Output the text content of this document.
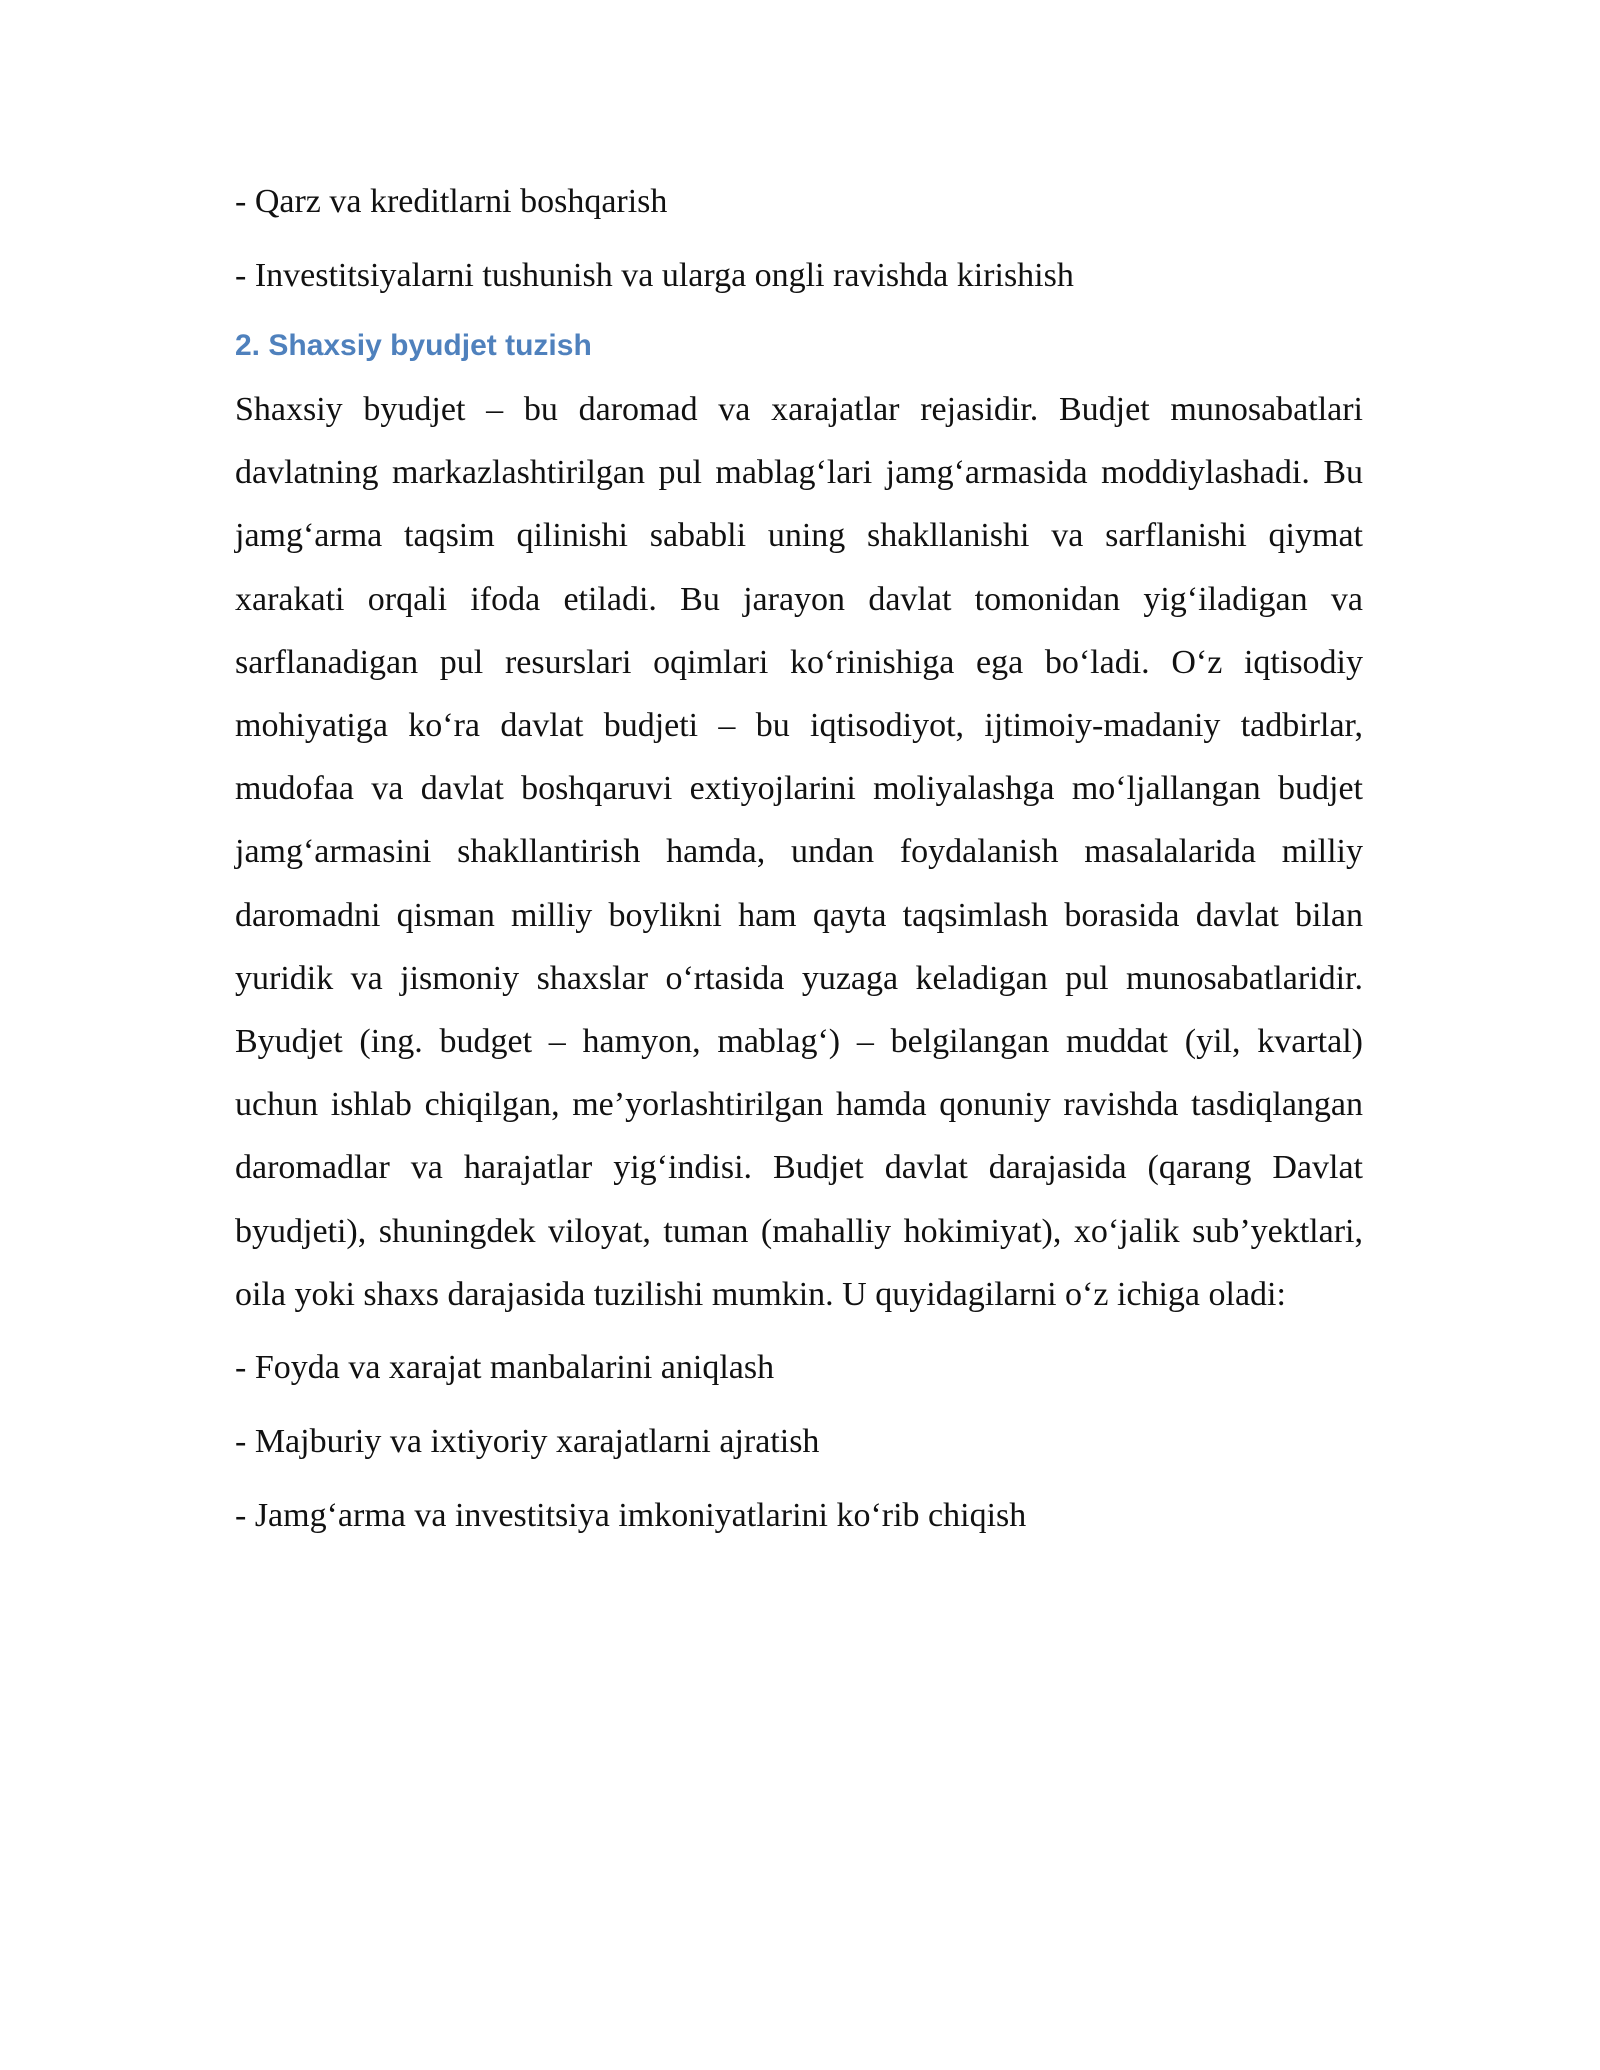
- Qarz va kreditlarni boshqarish
- Investitsiyalarni tushunish va ularga ongli ravishda kirishish
2. Shaxsiy byudjet tuzish

Shaxsiy byudjet – bu daromad va xarajatlar rejasidir. Budjet munosabatlari davlatning markazlashtirilgan pul mablag‘lari jamg‘armasida moddiylashadi. Bu jamg‘arma taqsim qilinishi sababli uning shakllanishi va sarflanishi qiymat xarakati orqali ifoda etiladi. Bu jarayon davlat tomonidan yig‘iladigan va sarflanadigan pul resurslari oqimlari ko‘rinishiga ega bo‘ladi. O‘z iqtisodiy mohiyatiga ko‘ra davlat budjeti – bu iqtisodiyot, ijtimoiy-madaniy tadbirlar, mudofaa va davlat boshqaruvi extiyojlarini moliyalashga mo‘ljallangan budjet jamg‘armasini shakllantirish hamda, undan foydalanish masalalarida milliy daromadni qisman milliy boylikni ham qayta taqsimlash borasida davlat bilan yuridik va jismoniy shaxslar o‘rtasida yuzaga keladigan pul munosabatlaridir. Byudjet (ing. budget – hamyon, mablag‘) – belgilangan muddat (yil, kvartal) uchun ishlab chiqilgan, me’yorlashtirilgan hamda qonuniy ravishda tasdiqlangan daromadlar va harajatlar yig‘indisi. Budjet davlat darajasida (qarang Davlat byudjeti), shuningdek viloyat, tuman (mahalliy hokimiyat), xo‘jalik sub’yektlari, oila yoki shaxs darajasida tuzilishi mumkin. U quyidagilarni o‘z ichiga oladi:

- Foyda va xarajat manbalarini aniqlash
- Majburiy va ixtiyoriy xarajatlarni ajratish
- Jamg‘arma va investitsiya imkoniyatlarini ko‘rib chiqish
